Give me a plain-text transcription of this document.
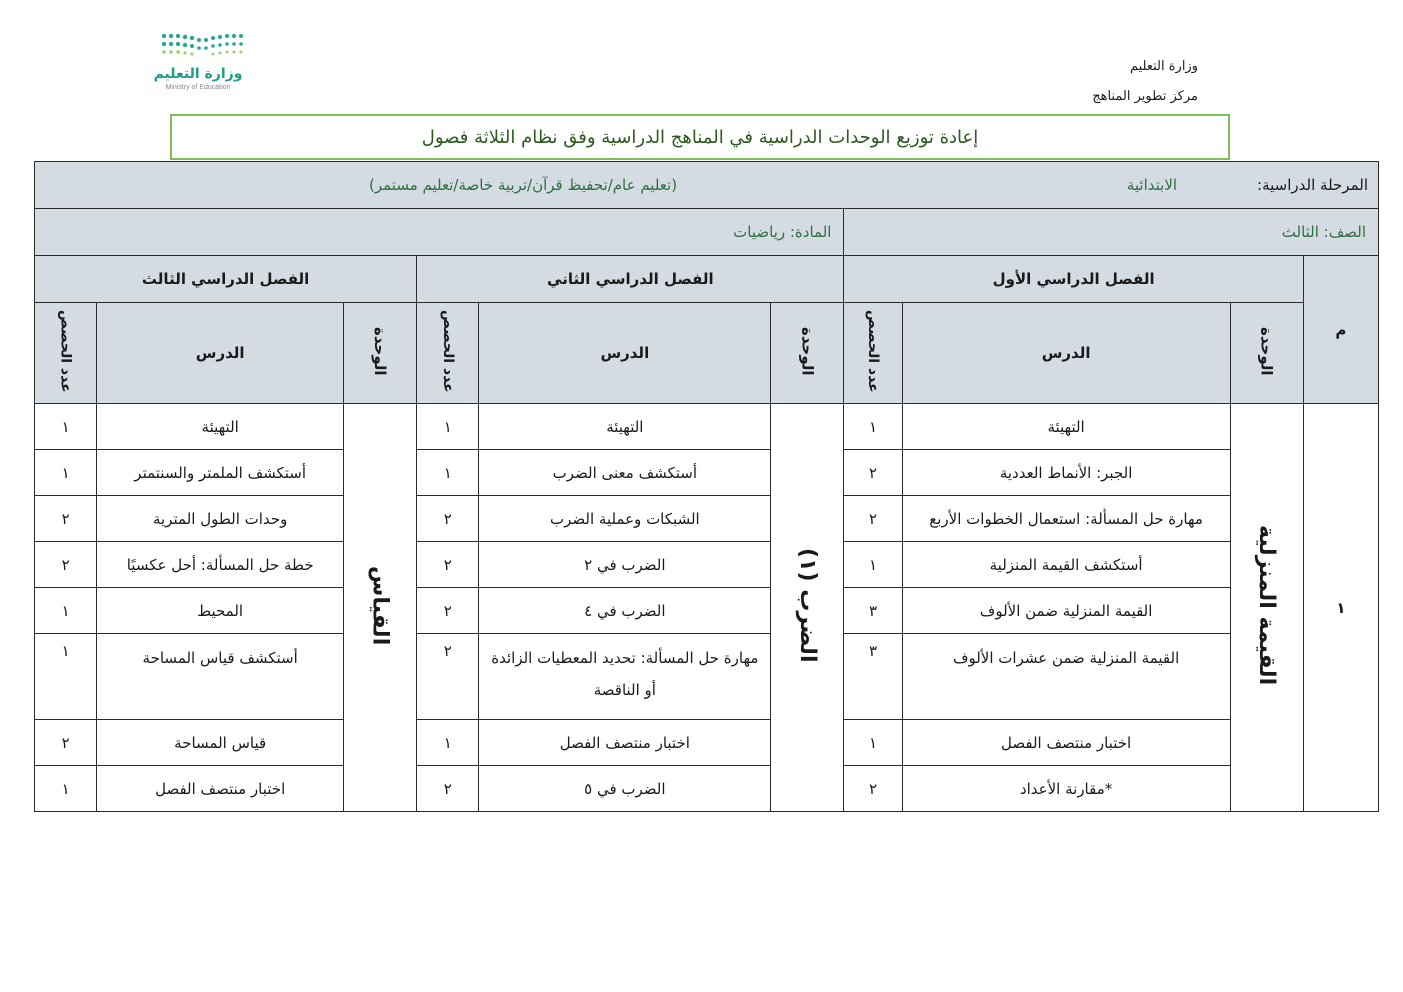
وزارة التعليم
مركز تطوير المناهج
وزارة التعليم
Ministry of Education
إعادة توزيع الوحدات الدراسية في المناهج الدراسية وفق نظام الثلاثة فصول
المرحلة الدراسية:
الابتدائية
(تعليم عام/تحفيظ قرآن/تربية خاصة/تعليم مستمر)									

الصف: الثالث				المادة: رياضيات					
م	الفصل الدراسي الأول			الفصل الدراسي الثاني			الفصل الدراسي الثالث		
	الوحدة	الدرس	عدد الحصص	الوحدة	الدرس	عدد الحصص	الوحدة	الدرس	عدد الحصص
١	القيمة المنزلية	التهيئة	١	الضرب (١)	التهيئة	١	القياس	التهيئة	١
		الجبر: الأنماط العددية	٢		أستكشف معنى الضرب	١		أستكشف الملمتر والسنتمتر	١
		مهارة حل المسألة: استعمال الخطوات الأربع	٢		الشبكات وعملية الضرب	٢		وحدات الطول المترية	٢
		أستكشف القيمة المنزلية	١		الضرب في ٢	٢		خطة حل المسألة: أحل عكسيًا	٢
		القيمة المنزلية ضمن الألوف	٣		الضرب في ٤	٢		المحيط	١
		القيمة المنزلية ضمن عشرات الألوف	٣		مهارة حل المسألة: تحديد المعطيات الزائدة أو الناقصة	٢		أستكشف قياس المساحة	١
		اختبار منتصف الفصل	١		اختبار منتصف الفصل	١		قياس المساحة	٢
		*مقارنة الأعداد	٢		الضرب في ٥	٢		اختبار منتصف الفصل	١
